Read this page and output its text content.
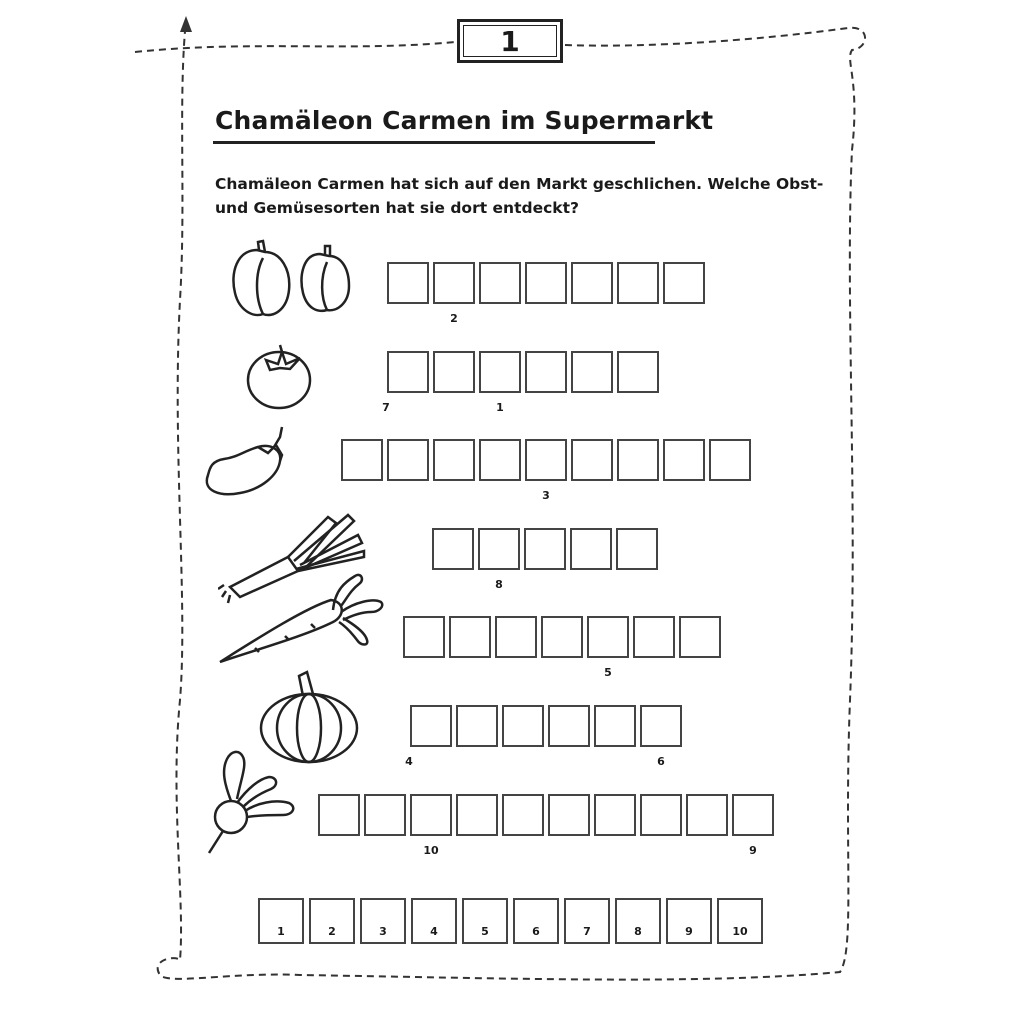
1
Chamäleon Carmen im Supermarkt

Chamäleon Carmen hat sich auf den Markt geschlichen. Welche Obst- und Gemüsesorten hat sie dort entdeckt?

2
7	1
3
8
5
4	6
10	9
1	2	3	4	5	6	7	8	9	10
